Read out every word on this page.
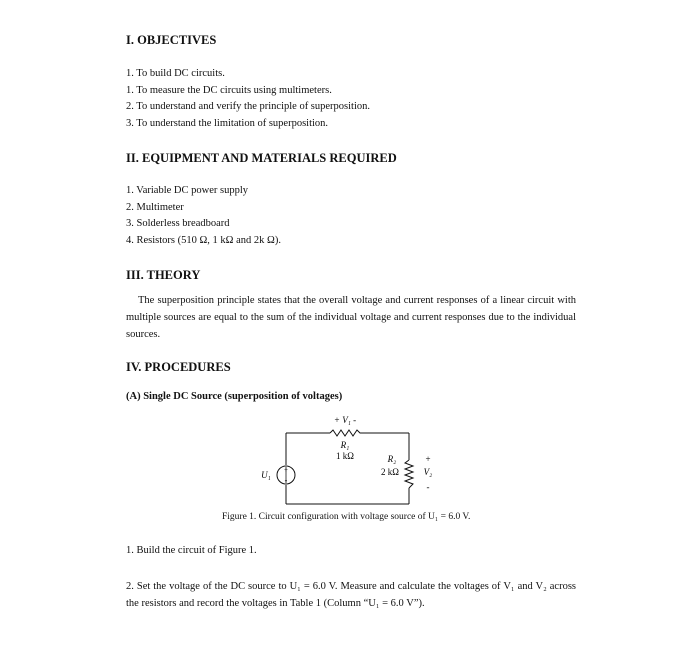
I. OBJECTIVES
1. To build DC circuits.
1. To measure the DC circuits using multimeters.
2. To understand and verify the principle of superposition.
3. To understand the limitation of superposition.
II. EQUIPMENT AND MATERIALS REQUIRED
1. Variable DC power supply
2. Multimeter
3. Solderless breadboard
4. Resistors (510 Ω, 1 kΩ and 2k Ω).
III. THEORY

The superposition principle states that the overall voltage and current responses of a linear circuit with multiple sources are equal to the sum of the individual voltage and current responses due to the individual sources.

IV. PROCEDURES
(A) Single DC Source (superposition of voltages)
+
-
+ V₁ -
R₁
1 kΩ	R₂
2 kΩ
U₁
+
V₂
-
Figure 1. Circuit configuration with voltage source of U₁ = 6.0 V.
1. Build the circuit of Figure 1.

2. Set the voltage of the DC source to U₁ = 6.0 V. Measure and calculate the voltages of V₁ and V₂ across the resistors and record the voltages in Table 1 (Column “U₁ = 6.0 V”).
